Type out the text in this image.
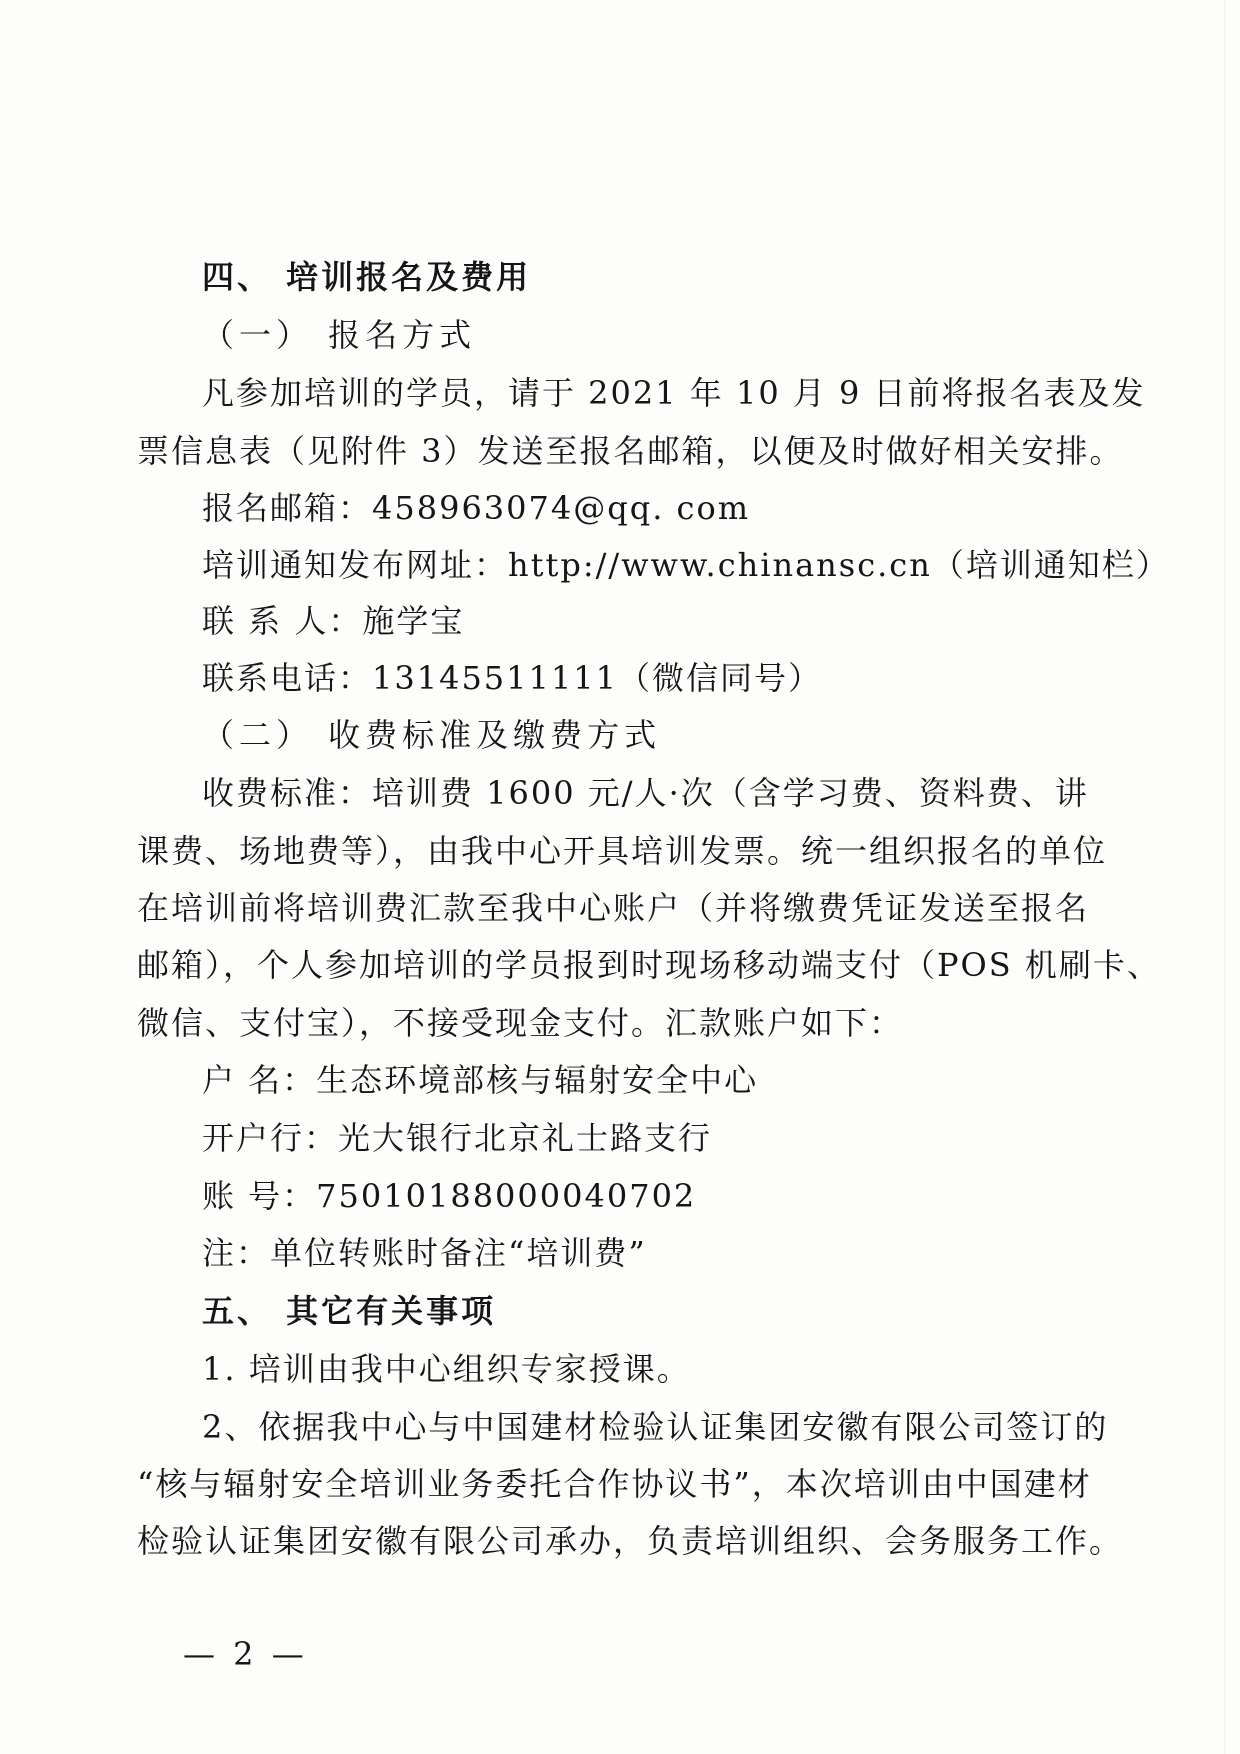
四、 培训报名及费用
（一） 报名方式
凡参加培训的学员，请于 2021 年 10 月 9 日前将报名表及发
票信息表（见附件 3）发送至报名邮箱，以便及时做好相关安排。
报名邮箱：458963074@qq. com
培训通知发布网址：http://www.chinansc.cn（培训通知栏）
联 系 人：施学宝
联系电话：13145511111（微信同号）
（二） 收费标准及缴费方式
收费标准：培训费 1600 元/人·次（含学习费、资料费、讲
课费、场地费等），由我中心开具培训发票。统一组织报名的单位
在培训前将培训费汇款至我中心账户（并将缴费凭证发送至报名
邮箱），个人参加培训的学员报到时现场移动端支付（POS 机刷卡、
微信、支付宝），不接受现金支付。汇款账户如下：
户 名：生态环境部核与辐射安全中心
开户行：光大银行北京礼士路支行
账 号：75010188000040702
注：单位转账时备注“培训费”
五、 其它有关事项
1. 培训由我中心组织专家授课。
2、依据我中心与中国建材检验认证集团安徽有限公司签订的
“核与辐射安全培训业务委托合作协议书”，本次培训由中国建材
检验认证集团安徽有限公司承办，负责培训组织、会务服务工作。
— 2 —
